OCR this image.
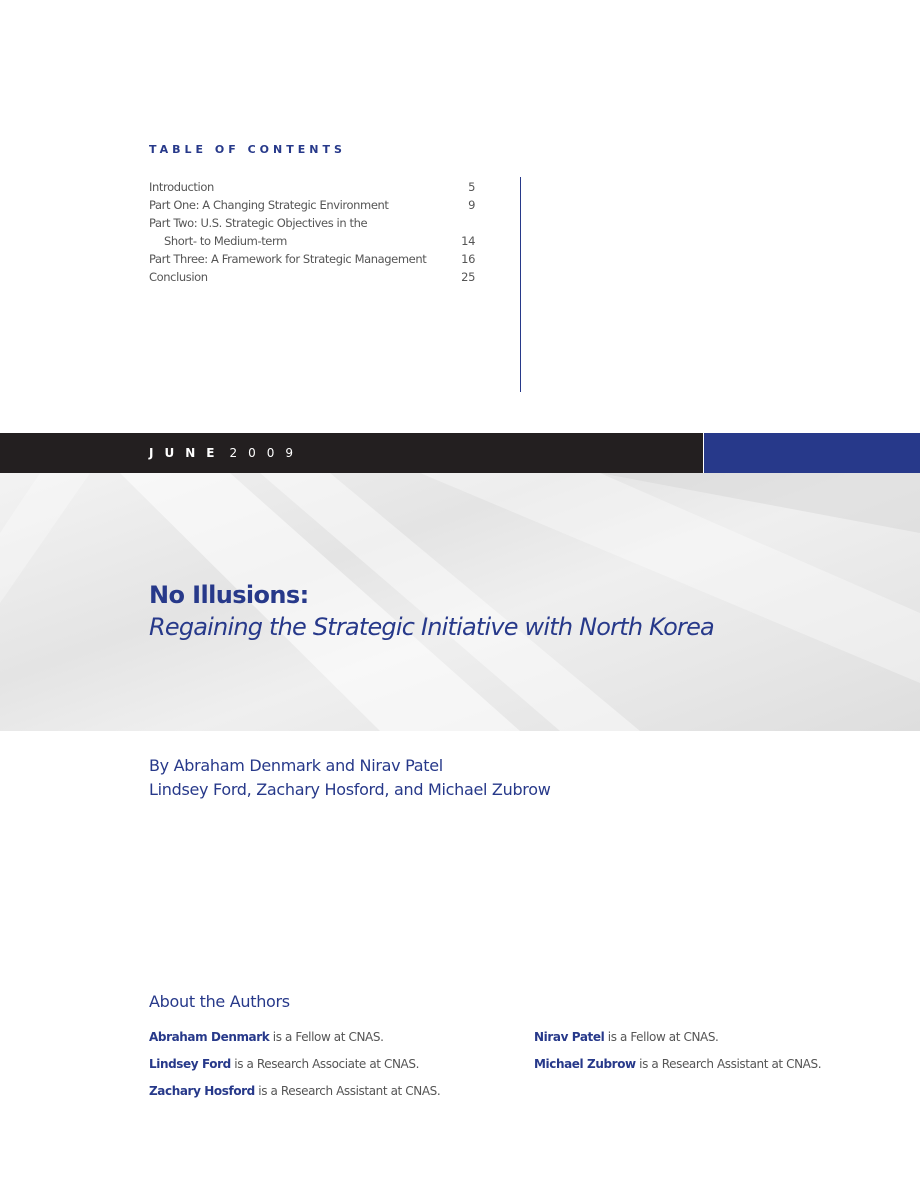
TABLE OF CONTENTS
Introduction	5
Part One: A Changing Strategic Environment	9
Part Two: U.S. Strategic Objectives in the
Short- to Medium-term	14
Part Three: A Framework for Strategic Management	16
Conclusion	25
JUNE 2009
No Illusions:
Regaining the Strategic Initiative with North Korea
By Abraham Denmark and Nirav Patel
Lindsey Ford, Zachary Hosford, and Michael Zubrow
About the Authors
Abraham Denmark is a Fellow at CNAS.
Lindsey Ford is a Research Associate at CNAS.
Zachary Hosford is a Research Assistant at CNAS.
Nirav Patel is a Fellow at CNAS.
Michael Zubrow is a Research Assistant at CNAS.
